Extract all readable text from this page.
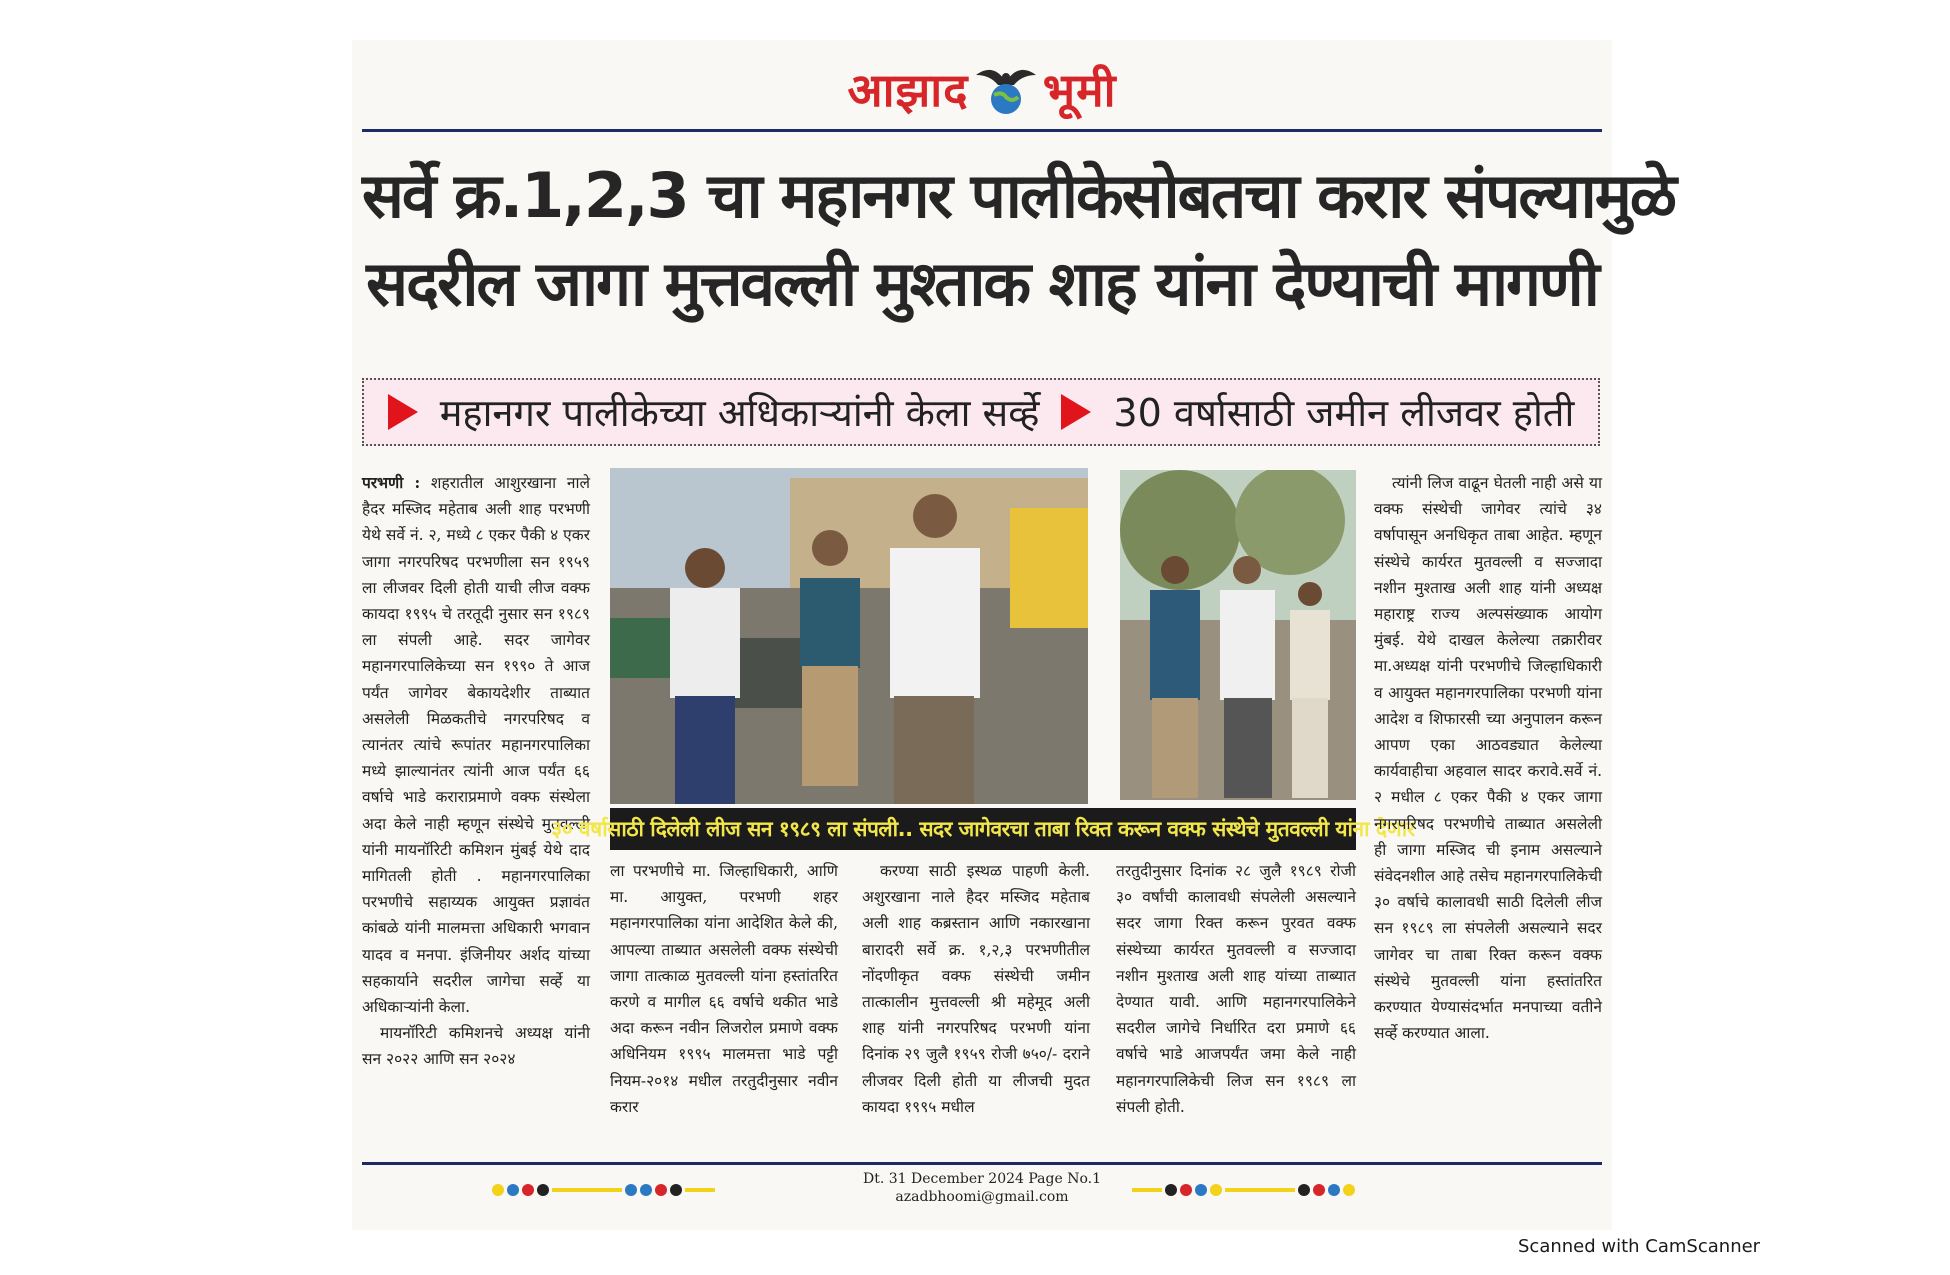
आझाद भूमी
सर्वे क्र.1,2,3 चा महानगर पालीकेसोबतचा करार संपल्यामुळे
सदरील जागा मुत्तवल्ली मुश्ताक शाह यांना देण्याची मागणी
महानगर पालीकेच्या अधिकाऱ्यांनी केला सर्व्हे 30 वर्षासाठी जमीन लीजवर होती

परभणी : शहरातील आशुरखाना नाले हैदर मस्जिद महेताब अली शाह परभणी येथे सर्वे नं. २, मध्ये ८ एकर पैकी ४ एकर जागा नगरपरिषद परभणीला सन १९५९ ला लीजवर दिली होती याची लीज वक्फ कायदा १९९५ चे तरतूदी नुसार सन १९८९ ला संपली आहे. सदर जागेवर महानगरपालिकेच्या सन १९९० ते आज पर्यंत जागेवर बेकायदेशीर ताब्यात असलेली मिळकतीचे नगरपरिषद व त्यानंतर त्यांचे रूपांतर महानगरपालिका मध्ये झाल्यानंतर त्यांनी आज पर्यंत ६६ वर्षाचे भाडे कराराप्रमाणे वक्फ संस्थेला अदा केले नाही म्हणून संस्थेचे मुतवल्ली यांनी मायनॉरिटी कमिशन मुंबई येथे दाद मागितली होती . महानगरपालिका परभणीचे सहाय्यक आयुक्त प्रज्ञावंत कांबळे यांनी मालमत्ता अधिकारी भगवान यादव व मनपा. इंजिनीयर अर्शद यांच्या सहकार्याने सदरील जागेचा सर्व्हे या अधिकाऱ्यांनी केला.

मायनॉरिटी कमिशनचे अध्यक्ष यांनी सन २०२२ आणि सन २०२४

३० वर्षासाठी दिलेली लीज सन १९८९ ला संपली.. सदर जागेवरचा ताबा रिक्त करून वक्फ संस्थेचे मुतवल्ली यांना देणार

ला परभणीचे मा. जिल्हाधिकारी, आणि मा. आयुक्त, परभणी शहर महानगरपालिका यांना आदेशित केले की, आपल्या ताब्यात असलेली वक्फ संस्थेची जागा तात्काळ मुतवल्ली यांना हस्तांतरित करणे व मागील ६६ वर्षाचे थकीत भाडे अदा करून नवीन लिजरोल प्रमाणे वक्फ अधिनियम १९९५ मालमत्ता भाडे पट्टी नियम-२०१४ मधील तरतुदीनुसार नवीन करार

करण्या साठी इस्थळ पाहणी केली. अशुरखाना नाले हैदर मस्जिद महेताब अली शाह कब्रस्तान आणि नकारखाना बारादरी सर्वे क्र. १,२,३ परभणीतील नोंदणीकृत वक्फ संस्थेची जमीन तात्कालीन मुत्तवल्ली श्री महेमूद अली शाह यांनी नगरपरिषद परभणी यांना दिनांक २९ जुलै १९५९ रोजी ७५०/- दराने लीजवर दिली होती या लीजची मुदत कायदा १९९५ मधील

तरतुदीनुसार दिनांक २८ जुलै १९८९ रोजी ३० वर्षांची कालावधी संपलेली असल्याने सदर जागा रिक्त करून पुरवत वक्फ संस्थेच्या कार्यरत मुतवल्ली व सज्जादा नशीन मुश्ताख अली शाह यांच्या ताब्यात देण्यात यावी. आणि महानगरपालिकेने सदरील जागेचे निर्धारित दरा प्रमाणे ६६ वर्षाचे भाडे आजपर्यंत जमा केले नाही महानगरपालिकेची लिज सन १९८९ ला संपली होती.

त्यांनी लिज वाढून घेतली नाही असे या वक्फ संस्थेची जागेवर त्यांचे ३४ वर्षापासून अनधिकृत ताबा आहेत. म्हणून संस्थेचे कार्यरत मुतवल्ली व सज्जादा नशीन मुश्ताख अली शाह यांनी अध्यक्ष महाराष्ट्र राज्य अल्पसंख्याक आयोग मुंबई. येथे दाखल केलेल्या तक्रारीवर मा.अध्यक्ष यांनी परभणीचे जिल्हाधिकारी व आयुक्त महानगरपालिका परभणी यांना आदेश व शिफारसी च्या अनुपालन करून आपण एका आठवड्यात केलेल्या कार्यवाहीचा अहवाल सादर करावे.सर्वे नं. २ मधील ८ एकर पैकी ४ एकर जागा नगरपरिषद परभणीचे ताब्यात असलेली ही जागा मस्जिद ची इनाम असल्याने संवेदनशील आहे तसेच महानगरपालिकेची ३० वर्षाचे कालावधी साठी दिलेली लीज सन १९८९ ला संपलेली असल्याने सदर जागेवर चा ताबा रिक्त करून वक्फ संस्थेचे मुतवल्ली यांना हस्तांतरित करण्यात येण्यासंदर्भात मनपाच्या वतीने सर्व्हे करण्यात आला.

Dt. 31 December 2024 Page No.1
azadbhoomi@gmail.com
Scanned with CamScanner
